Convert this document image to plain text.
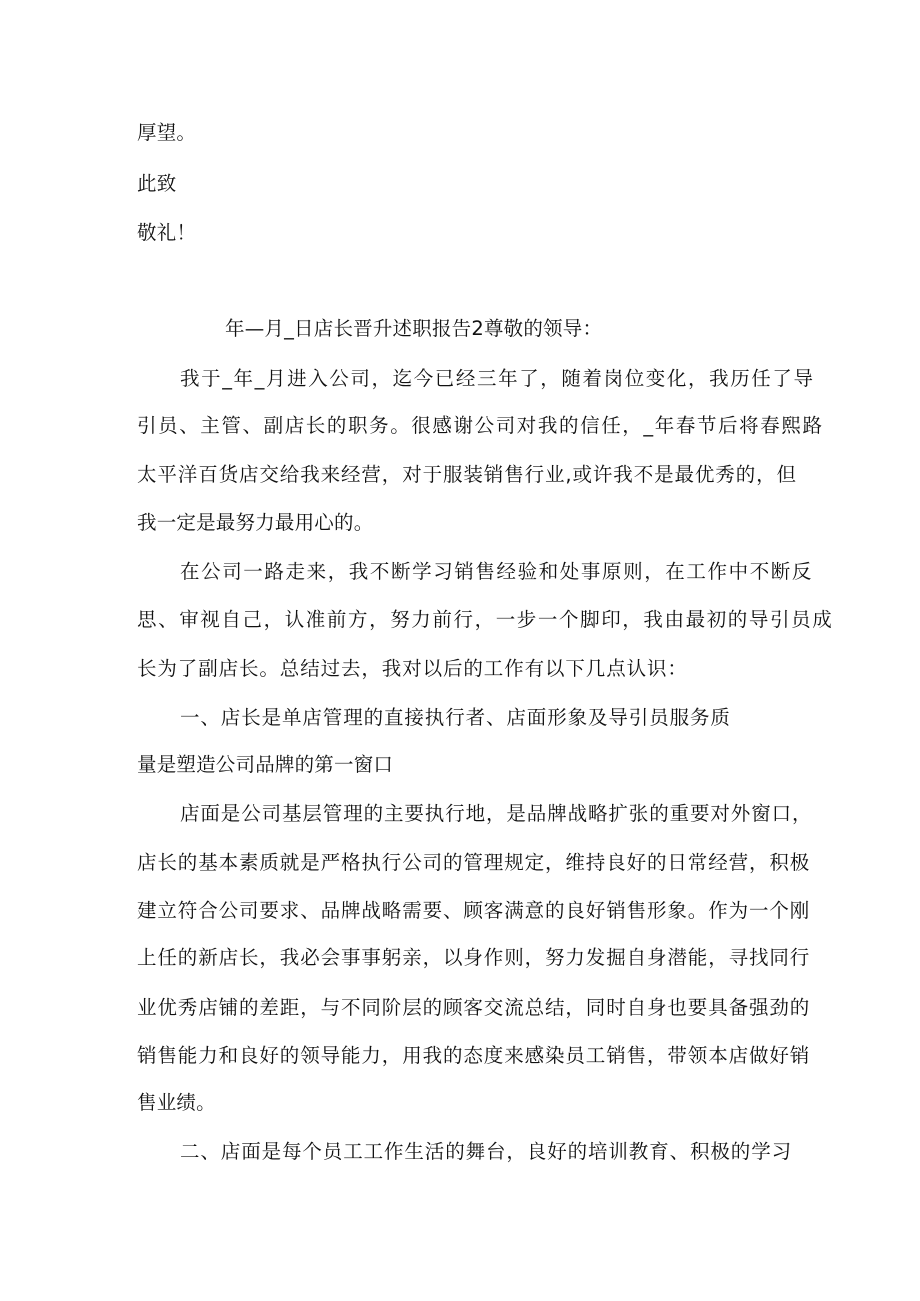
厚望。
此致
敬礼！
年—月_日店长晋升述职报告2尊敬的领导：
我于_年_月进入公司，迄今已经三年了，随着岗位变化，我历任了导
引员、主管、副店长的职务。很感谢公司对我的信任，_年春节后将春熙路
太平洋百货店交给我来经营，对于服装销售行业,或许我不是最优秀的，但
我一定是最努力最用心的。
在公司一路走来，我不断学习销售经验和处事原则，在工作中不断反
思、审视自己，认准前方，努力前行，一步一个脚印，我由最初的导引员成
长为了副店长。总结过去，我对以后的工作有以下几点认识：
一、店长是单店管理的直接执行者、店面形象及导引员服务质
量是塑造公司品牌的第一窗口
店面是公司基层管理的主要执行地，是品牌战略扩张的重要对外窗口，
店长的基本素质就是严格执行公司的管理规定，维持良好的日常经营，积极
建立符合公司要求、品牌战略需要、顾客满意的良好销售形象。作为一个刚
上任的新店长，我必会事事躬亲，以身作则，努力发掘自身潜能，寻找同行
业优秀店铺的差距，与不同阶层的顾客交流总结，同时自身也要具备强劲的
销售能力和良好的领导能力，用我的态度来感染员工销售，带领本店做好销
售业绩。
二、店面是每个员工工作生活的舞台，良好的培训教育、积极的学习
